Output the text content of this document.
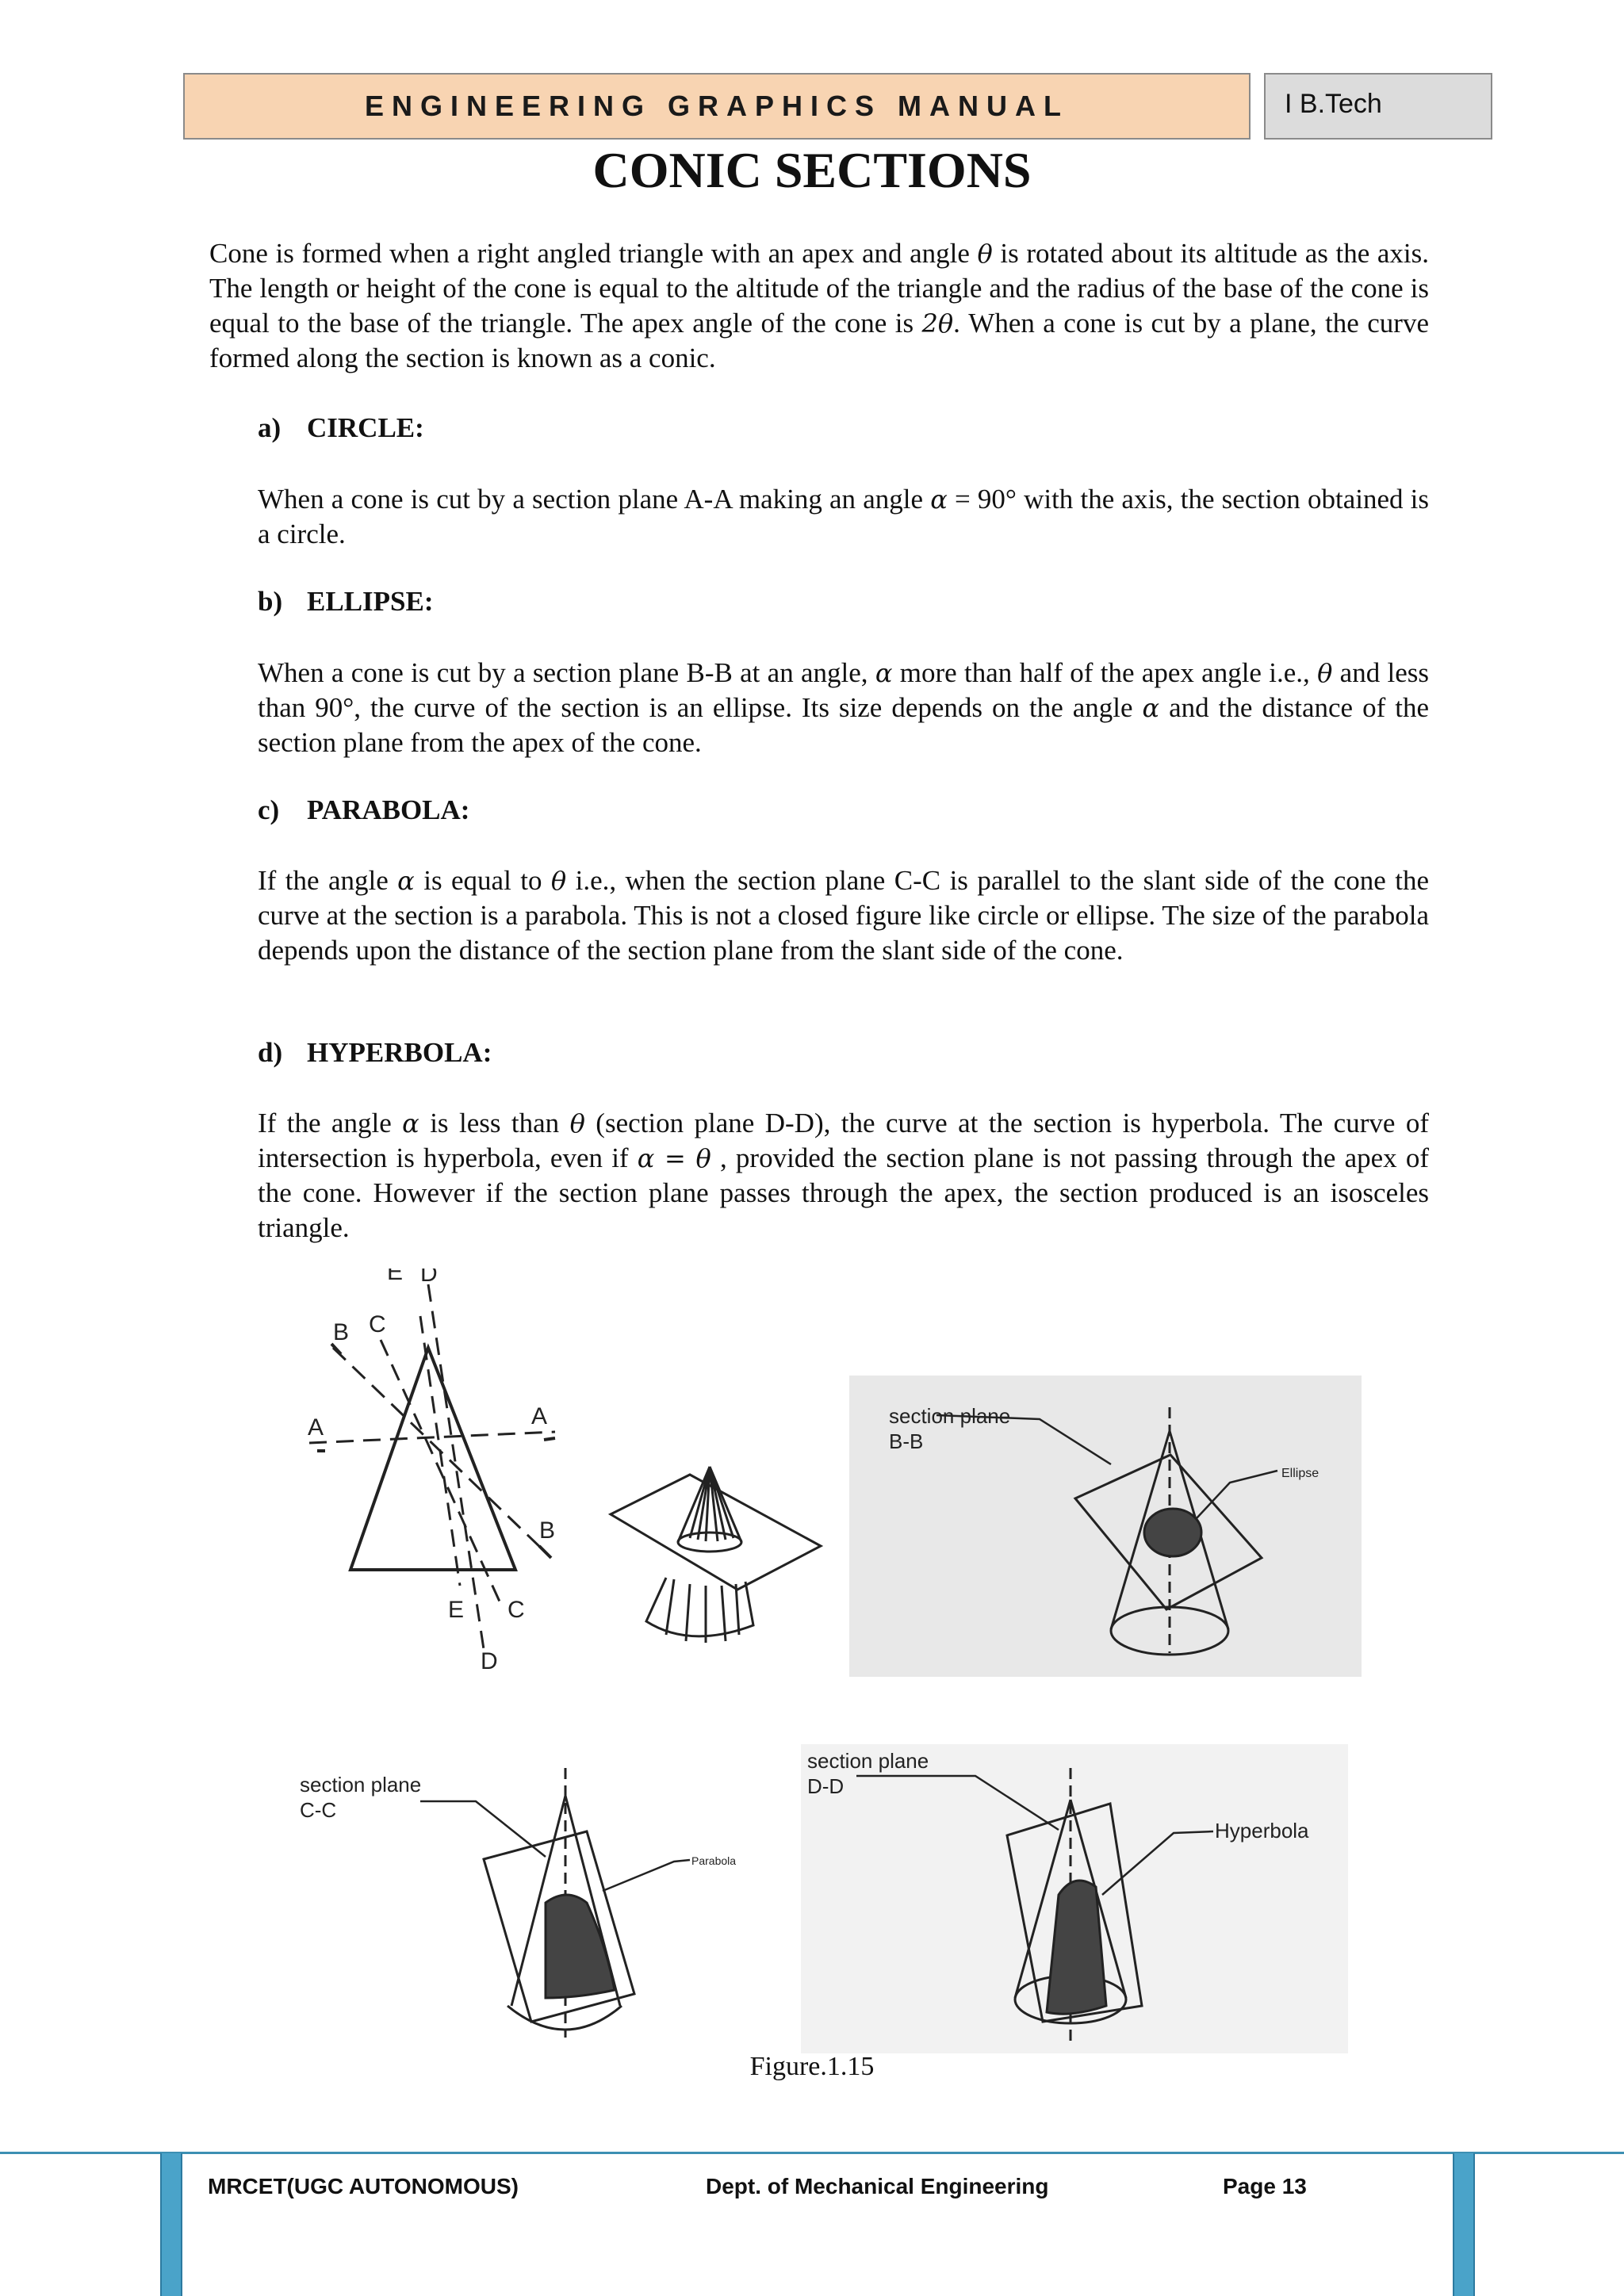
ENGINEERING GRAPHICS MANUAL	I B.Tech
CONIC SECTIONS

Cone is formed when a right angled triangle with an apex and angle θ is rotated about its altitude as the axis. The length or height of the cone is equal to the altitude of the triangle and the radius of the base of the cone is equal to the base of the triangle. The apex angle of the cone is 2θ. When a cone is cut by a plane, the curve formed along the section is known as a conic.

a) CIRCLE:

When a cone is cut by a section plane A-A making an angle α = 90° with the axis, the section obtained is a circle.

b) ELLIPSE:

When a cone is cut by a section plane B-B at an angle, α more than half of the apex angle i.e., θ and less than 90°, the curve of the section is an ellipse. Its size depends on the angle α and the distance of the section plane from the apex of the cone.

c) PARABOLA:

If the angle α is equal to θ i.e., when the section plane C-C is parallel to the slant side of the cone the curve at the section is a parabola. This is not a closed figure like circle or ellipse. The size of the parabola depends upon the distance of the section plane from the slant side of the cone.

d) HYPERBOLA:

If the angle α is less than θ (section plane D-D), the curve at the section is hyperbola. The curve of intersection is hyperbola, even if α = θ , provided the section plane is not passing through the apex of the cone. However if the section plane passes through the apex, the section produced is an isosceles triangle.

A	A
B
B
C
C
D
D
E
E
section plane
B-B
Ellipse
section plane
C-C
Parabola
section plane
D-D
Hyperbola
Figure.1.15
MRCET(UGC AUTONOMOUS)	Dept. of Mechanical Engineering	Page 13
